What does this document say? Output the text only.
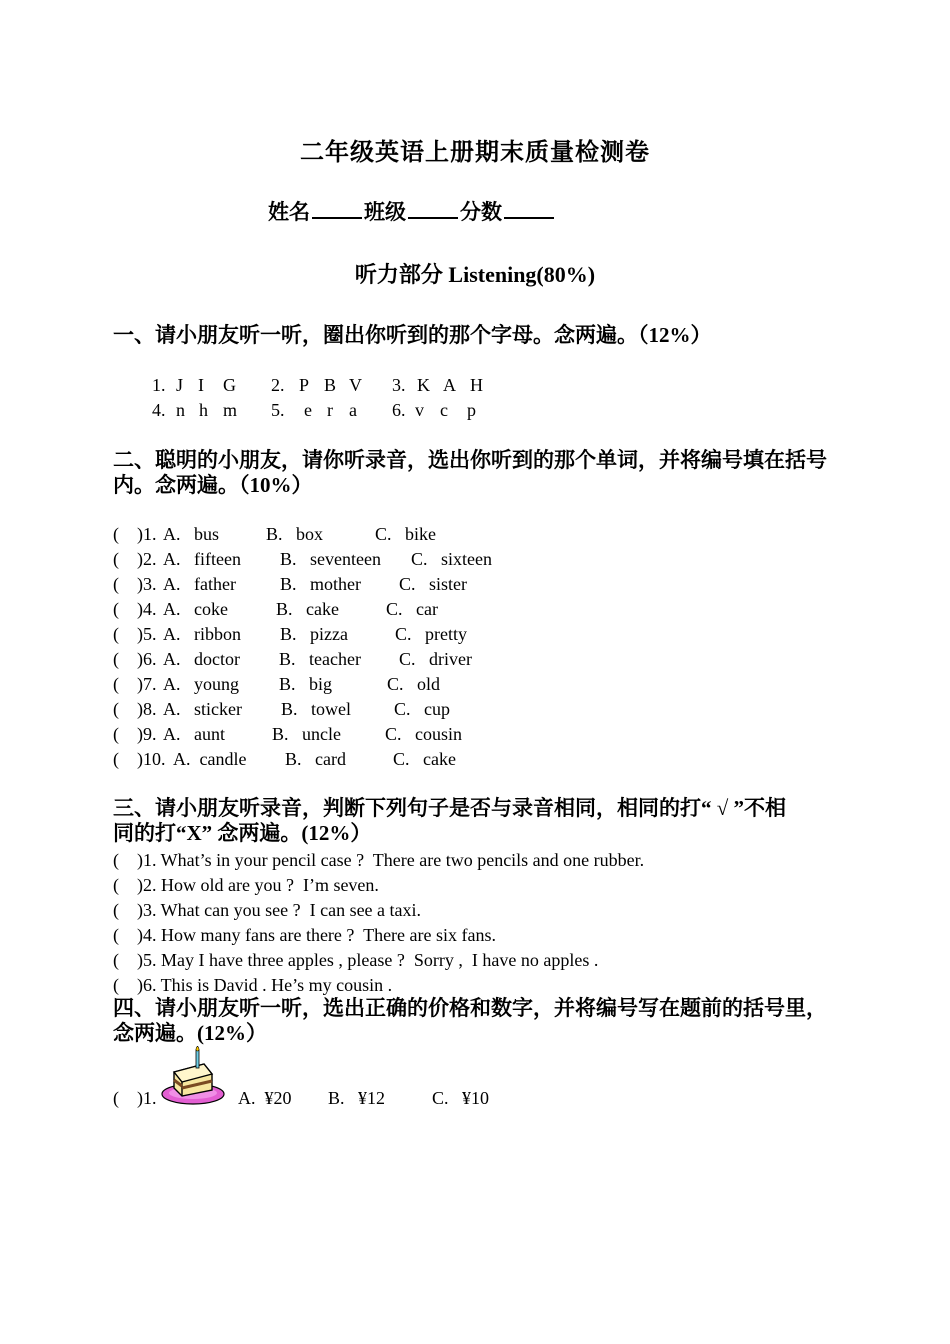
二年级英语上册期末质量检测卷
姓名	班级	分数
听力部分 Listening(80%)
一、请小朋友听一听，圈出你听到的那个字母。念两遍。（12%）
1. J I G 2. P B V 3. K A H
4. n h m 5. e r a 6. v c p
二、聪明的小朋友，请你听录音，选出你听到的那个单词，并将编号填在括号
内。念两遍。（10%）
(    )1. A.   bus	B.   box	C.   bike
(    )2. A.   fifteen B.   seventeen C.   sixteen
(    )3. A.   father B.   mother C.   sister
(    )4. A.   coke	B.   cake	C.   car
(    )5. A.   ribbon B.   pizza	C.   pretty
(    )6. A.   doctor B.   teacher C.   driver
(    )7. A.   young B.   big	C.   old
(    )8. A.   sticker B.   towel C.   cup
(    )9. A.   aunt	B.   uncle C.   cousin
(    )10. A.  candle B.   card	C.   cake
三、请小朋友听录音，判断下列句子是否与录音相同，相同的打“ √ ”不相
同的打“X” 念两遍。(12%）
(    )1. What’s in your pencil case ?  There are two pencils and one rubber.
(    )2. How old are you ?  I’m seven.
(    )3. What can you see ?  I can see a taxi.
(    )4. How many fans are there ?  There are six fans.
(    )5. May I have three apples , please ?  Sorry ,  I have no apples .
(    )6. This is David . He’s my cousin .
四、请小朋友听一听，选出正确的价格和数字，并将编号写在题前的括号里，
念两遍。(12%）
(    )1.	A.  ¥20 B.   ¥12	C.   ¥10
